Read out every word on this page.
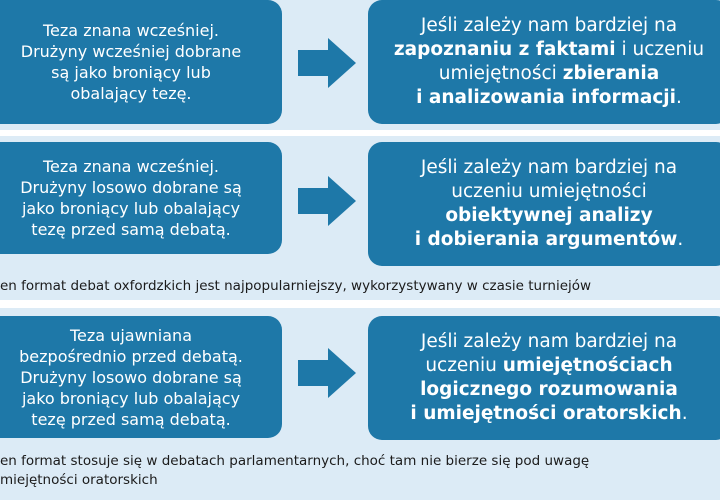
Teza znana wcześniej.
Drużyny wcześniej dobrane
są jako broniący lub
obalający tezę.
Jeśli zależy nam bardziej na
zapoznaniu z faktami i uczeniu
umiejętności zbierania
i analizowania informacji.
Teza znana wcześniej.
Drużyny losowo dobrane są
jako broniący lub obalający
tezę przed samą debatą.
Jeśli zależy nam bardziej na
uczeniu umiejętności
obiektywnej analizy
i dobierania argumentów.
en format debat oxfordzkich jest najpopularniejszy, wykorzystywany w czasie turniejów
Teza ujawniana
bezpośrednio przed debatą.
Drużyny losowo dobrane są
jako broniący lub obalający
tezę przed samą debatą.
Jeśli zależy nam bardziej na
uczeniu umiejętnościach
logicznego rozumowania
i umiejętności oratorskich.
en format stosuje się w debatach parlamentarnych, choć tam nie bierze się pod uwagę
miejętności oratorskich
